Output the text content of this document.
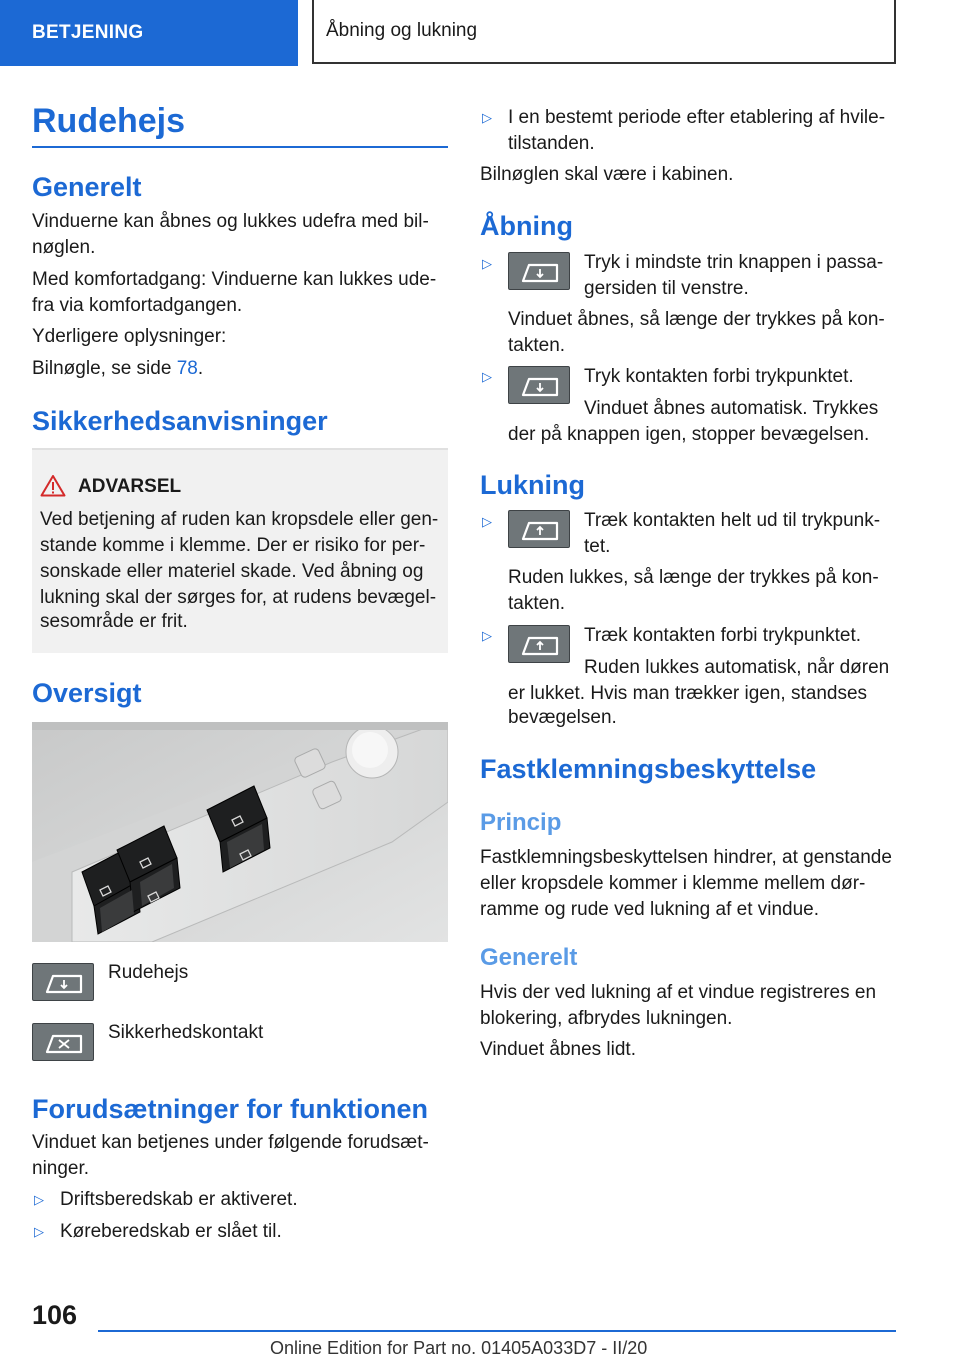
BETJENING	Åbning og lukning
Rudehejs
Generelt

Vinduerne kan åbnes og lukkes udefra med bil‐

nøglen.

Med komfortadgang: Vinduerne kan lukkes ude‐

fra via komfortadgangen.

Yderligere oplysninger:

Bilnøgle, se side 78.

Sikkerhedsanvisninger

ADVARSEL

Ved betjening af ruden kan kropsdele eller gen‐

stande komme i klemme. Der er risiko for per‐

sonskade eller materiel skade. Ved åbning og

lukning skal der sørges for, at rudens bevægel‐

sesområde er frit.

Oversigt

Rudehejs

Sikkerhedskontakt

Forudsætninger for funktionen

Vinduet kan betjenes under følgende forudsæt‐

ninger.

▷ Driftsberedskab er aktiveret.

▷ Køreberedskab er slået til.

▷ I en bestemt periode efter etablering af hvile‐

tilstanden.

Bilnøglen skal være i kabinen.

Åbning
▷	Tryk i mindste trin knappen i passa‐

gersiden til venstre.

Vinduet åbnes, så længe der trykkes på kon‐

takten.

▷	Tryk kontakten forbi trykpunktet.

Vinduet åbnes automatisk. Trykkes

der på knappen igen, stopper bevægelsen.

Lukning
▷	Træk kontakten helt ud til trykpunk‐

tet.

Ruden lukkes, så længe der trykkes på kon‐

takten.

▷	Træk kontakten forbi trykpunktet.

Ruden lukkes automatisk, når døren

er lukket. Hvis man trækker igen, standses

bevægelsen.

Fastklemningsbeskyttelse
Princip

Fastklemningsbeskyttelsen hindrer, at genstande

eller kropsdele kommer i klemme mellem dør‐

ramme og rude ved lukning af et vindue.

Generelt

Hvis der ved lukning af et vindue registreres en

blokering, afbrydes lukningen.

Vinduet åbnes lidt.

106
Online Edition for Part no. 01405A033D7 - II/20
